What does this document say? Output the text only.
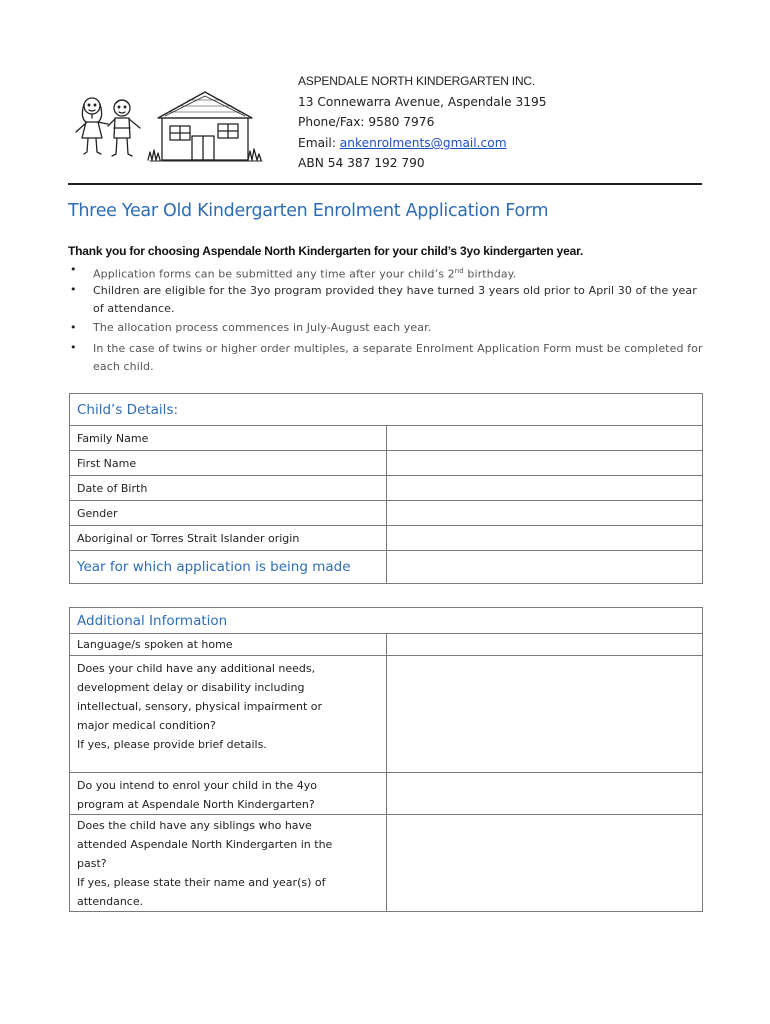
ASPENDALE NORTH KINDERGARTEN INC.
13 Connewarra Avenue, Aspendale 3195
Phone/Fax: 9580 7976
Email: ankenrolments@gmail.com
ABN 54 387 192 790
Three Year Old Kindergarten Enrolment Application Form
Thank you for choosing Aspendale North Kindergarten for your child’s 3yo kindergarten year.
• Application forms can be submitted any time after your child’s 2nd birthday.
• Children are eligible for the 3yo program provided they have turned 3 years old prior to April 30 of the year of attendance.
• The allocation process commences in July-August each year.
• In the case of twins or higher order multiples, a separate Enrolment Application Form must be completed for each child.
Child’s Details:	
Family Name	
First Name	
Date of Birth	
Gender	
Aboriginal or Torres Strait Islander origin	
Year for which application is being made	
Additional Information	
Language/s spoken at home	

Does your child have any additional needs,
development delay or disability including
intellectual, sensory, physical impairment or
major medical condition?
If yes, please provide brief details.	

Do you intend to enrol your child in the 4yo
program at Aspendale North Kindergarten?	

Does the child have any siblings who have
attended Aspendale North Kindergarten in the
past?
If yes, please state their name and year(s) of
attendance.	
